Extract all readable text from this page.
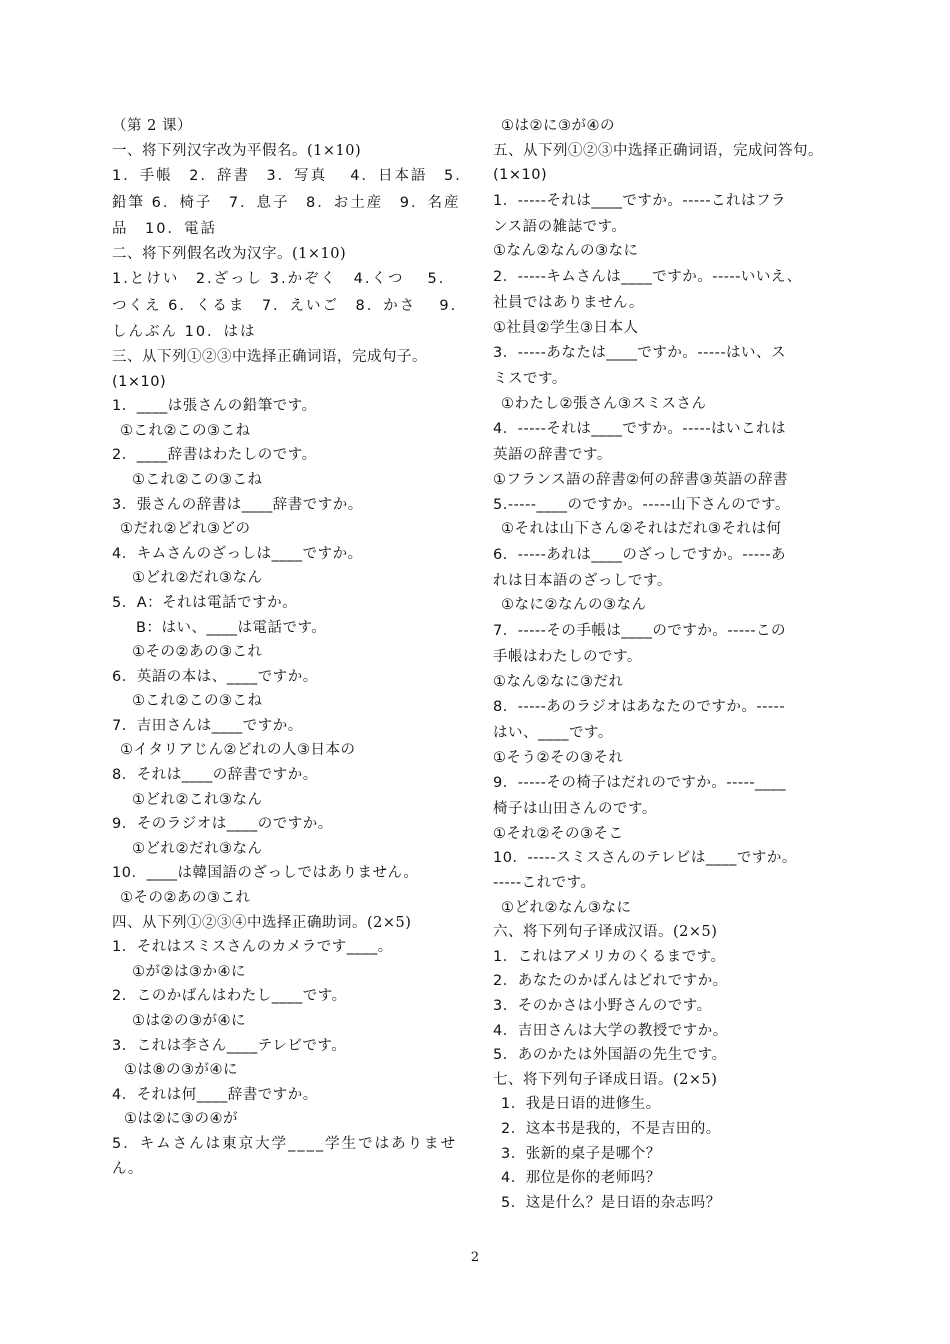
（第 2 课）
一、将下列汉字改为平假名。(1×10)
1．手帳　2．辞書　3．写真　 4．日本語　5．
鉛筆 6．椅子　7．息子　8．お土産　9．名産
品　10．電話
二、将下列假名改为汉字。(1×10)
1.とけい　2.ざっし 3.かぞく　4.くつ　 5.
つくえ 6．くるま　7．えいご　8．かさ　 9.
しんぶん 10．はは
三、从下列①②③中选择正确词语，完成句子。
(1×10)
1．____は張さんの鉛筆です。
①これ②この③こね
2．____辞書はわたしのです。
①これ②この③こね
3．張さんの辞書は____辞書ですか。
①だれ②どれ③どの
4．キムさんのざっしは____ですか。
①どれ②だれ③なん
5．A：それは電話ですか。
B：はい、____は電話です。
①その②あの③これ
6．英語の本は、____ですか。
①これ②この③こね
7．吉田さんは____ですか。
①イタリアじん②どれの人③日本の
8．それは____の辞書ですか。
①どれ②これ③なん
9．そのラジオは____のですか。
①どれ②だれ③なん
10．____は韓国語のざっしではありません。
①その②あの③これ
四、从下列①②③④中选择正确助词。(2×5)
1．それはスミスさんのカメラです____。
①が②は③か④に
2．このかばんはわたし____です。
①は②の③が④に
3．これは李さん____テレビです。
①は⑧の③が④に
4．それは何____辞書ですか。
①は②に③の④が
5．キムさんは東京大学____学生ではありませ
ん。
①は②に③が④の
五、从下列①②③中选择正确词语，完成问答句。
(1×10)
1．-----それは____ですか。-----これはフラ
ンス語の雑誌です。
①なん②なんの③なに
2．-----キムさんは____ですか。-----いいえ、
社員ではありません。
①社員②学生③日本人
3．-----あなたは____ですか。-----はい、ス
ミスです。
①わたし②張さん③スミスさん
4．-----それは____ですか。-----はいこれは
英語の辞書です。
①フランス語の辞書②何の辞書③英語の辞書
5.-----____のですか。-----山下さんのです。
①それは山下さん②それはだれ③それは何
6．-----あれは____のざっしですか。-----あ
れは日本語のざっしです。
①なに②なんの③なん
7．-----その手帳は____のですか。-----この
手帳はわたしのです。
①なん②なに③だれ
8．-----あのラジオはあなたのですか。-----
はい、____です。
①そう②その③それ
9．-----その椅子はだれのですか。-----____
椅子は山田さんのです。
①それ②その③そこ
10．-----スミスさんのテレビは____ですか。
-----これです。
①どれ②なん③なに
六、将下列句子译成汉语。(2×5)
1．これはアメリカのくるまです。
2．あなたのかばんはどれですか。
3．そのかさは小野さんのです。
4．吉田さんは大学の教授ですか。
5．あのかたは外国語の先生です。
七、将下列句子译成日语。(2×5)
1．我是日语的进修生。
2．这本书是我的，不是吉田的。
3．张新的桌子是哪个？
4．那位是你的老师吗？
5．这是什么？是日语的杂志吗？
2
